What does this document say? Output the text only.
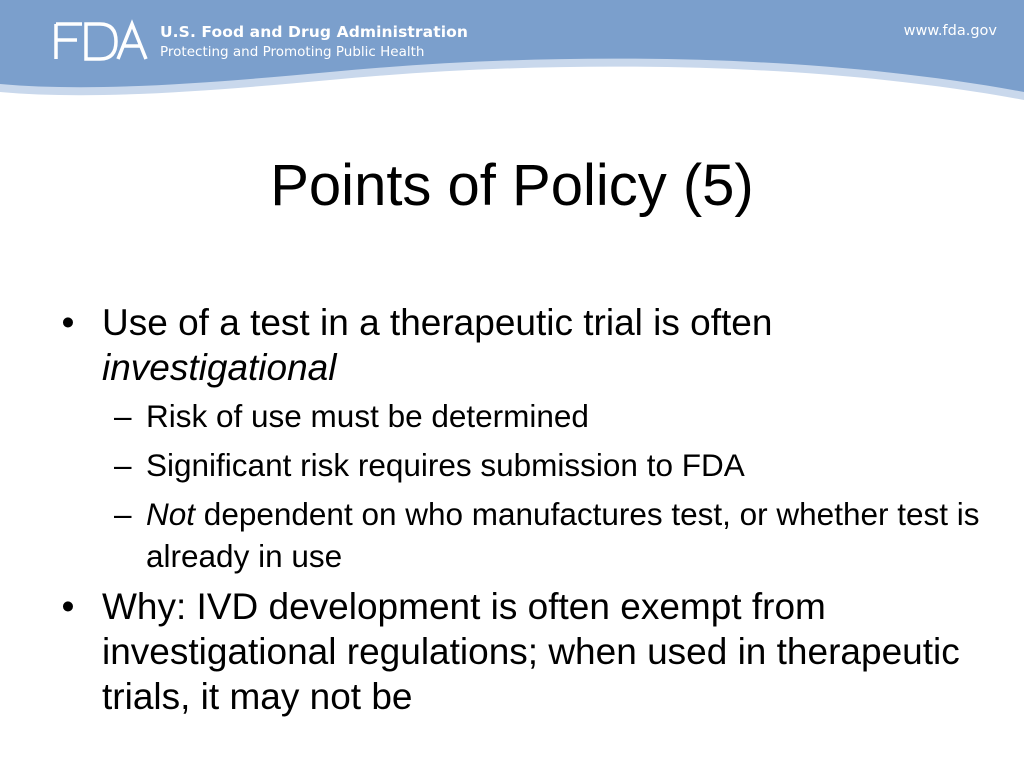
U.S. Food and Drug Administration
Protecting and Promoting Public Health
www.fda.gov
Points of Policy (5)
• Use of a test in a therapeutic trial is often investigational
– Risk of use must be determined
– Significant risk requires submission to FDA
– Not dependent on who manufactures test, or whether test is already in use
• Why: IVD development is often exempt from investigational regulations; when used in therapeutic trials, it may not be
